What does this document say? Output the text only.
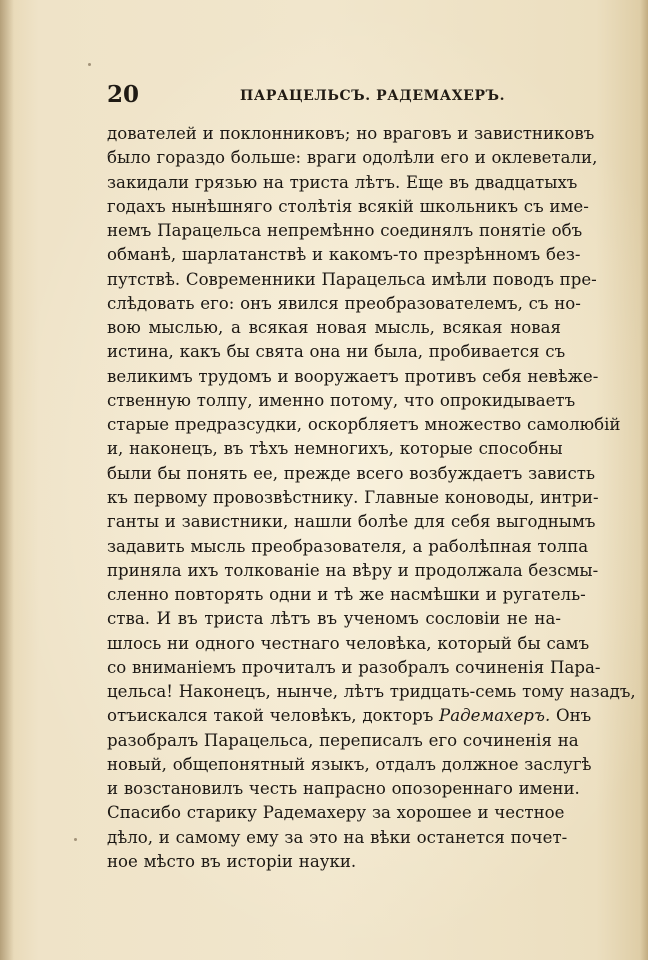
20	ПАРАЦЕЛЬСЪ. РАДЕМАХЕРЪ.
дователей и поклонниковъ; но враговъ и завистниковъ
было гораздо больше: враги одолѣли его и оклеветали,
закидали грязью на триста лѣтъ. Еще въ двадцатыхъ
годахъ нынѣшняго столѣтія всякій школьникъ съ име-
немъ Парацельса непремѣнно соединялъ понятіе объ
обманѣ, шарлатанствѣ и какомъ-то презрѣнномъ без-
путствѣ. Современники Парацельса имѣли поводъ пре-
слѣдовать его: онъ явился преобразователемъ, съ но-
вою мыслью, а всякая новая мысль, всякая новая
истина, какъ бы свята она ни была, пробивается съ
великимъ трудомъ и вооружаетъ противъ себя невѣже-
ственную толпу, именно потому, что опрокидываетъ
старые предразсудки, оскорбляетъ множество самолюбій
и, наконецъ, въ тѣхъ немногихъ, которые способны
были бы понять ее, прежде всего возбуждаетъ зависть
къ первому провозвѣстнику. Главные коноводы, интри-
ганты и завистники, нашли болѣе для себя выгоднымъ
задавить мысль преобразователя, а раболѣпная толпа
приняла ихъ толкованіе на вѣру и продолжала безсмы-
сленно повторять одни и тѣ же насмѣшки и ругатель-
ства. И въ триста лѣтъ въ ученомъ сословіи не на-
шлось ни одного честнаго человѣка, который бы самъ
со вниманіемъ прочиталъ и разобралъ сочиненія Пара-
цельса! Наконецъ, нынче, лѣтъ тридцать-семь тому назадъ,
отъискался такой человѣкъ, докторъ Радемахеръ. Онъ
разобралъ Парацельса, переписалъ его сочиненія на
новый, общепонятный языкъ, отдалъ должное заслугѣ
и возстановилъ честь напрасно опозореннаго имени.
Спасибо старику Радемахеру за хорошее и честное
дѣло, и самому ему за это на вѣки останется почет-
ное мѣсто въ исторіи науки.
